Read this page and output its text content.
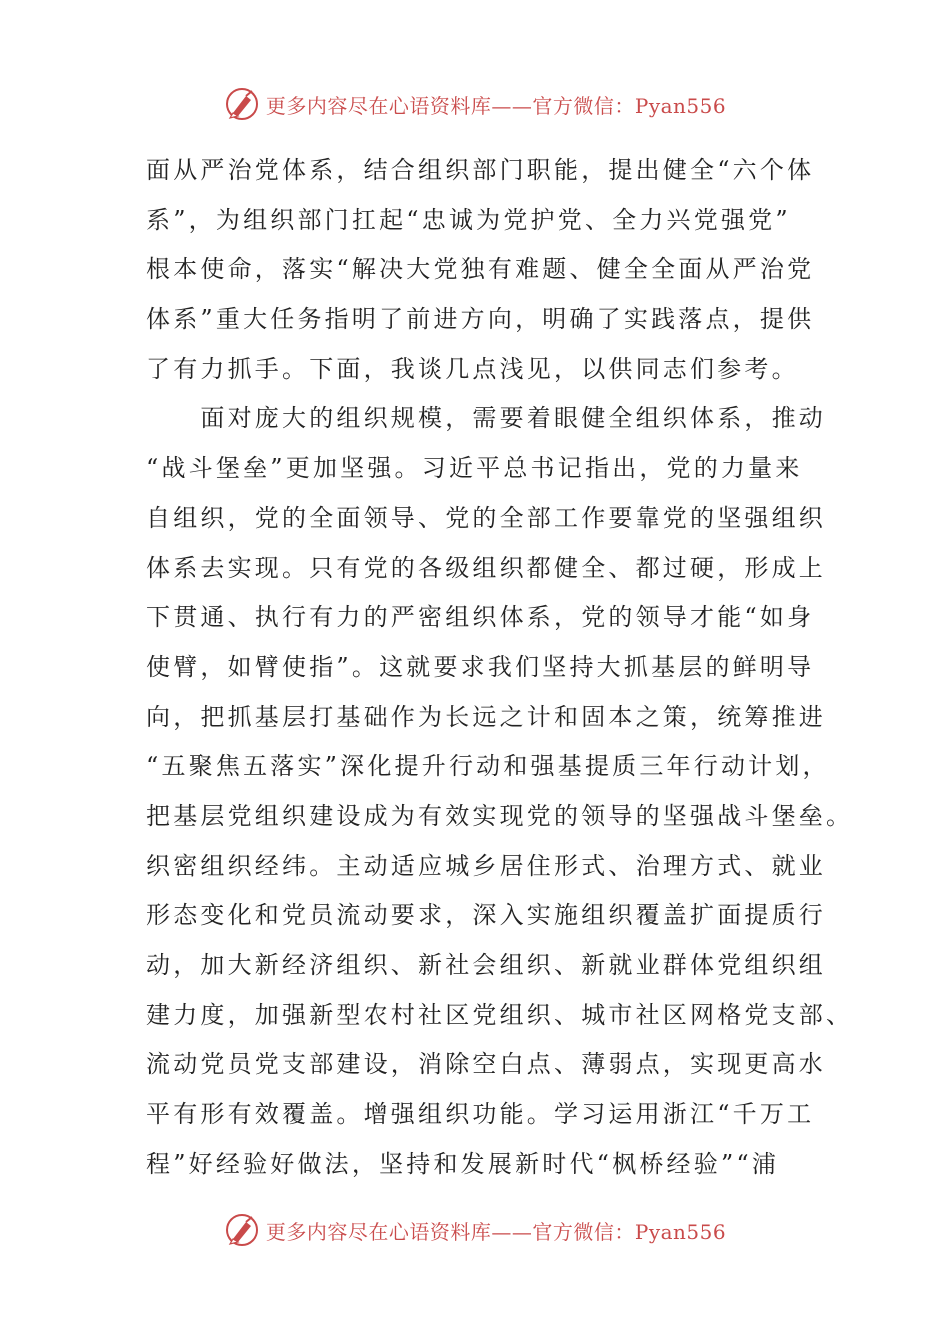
更多内容尽在心语资料库——官方微信：Pyan556
面从严治党体系，结合组织部门职能，提出健全“六个体
系”，为组织部门扛起“忠诚为党护党、全力兴党强党”
根本使命，落实“解决大党独有难题、健全全面从严治党
体系”重大任务指明了前进方向，明确了实践落点，提供
了有力抓手。下面，我谈几点浅见，以供同志们参考。
　　面对庞大的组织规模，需要着眼健全组织体系，推动
“战斗堡垒”更加坚强。习近平总书记指出，党的力量来
自组织，党的全面领导、党的全部工作要靠党的坚强组织
体系去实现。只有党的各级组织都健全、都过硬，形成上
下贯通、执行有力的严密组织体系，党的领导才能“如身
使臂，如臂使指”。这就要求我们坚持大抓基层的鲜明导
向，把抓基层打基础作为长远之计和固本之策，统筹推进
“五聚焦五落实”深化提升行动和强基提质三年行动计划，
把基层党组织建设成为有效实现党的领导的坚强战斗堡垒。
织密组织经纬。主动适应城乡居住形式、治理方式、就业
形态变化和党员流动要求，深入实施组织覆盖扩面提质行
动，加大新经济组织、新社会组织、新就业群体党组织组
建力度，加强新型农村社区党组织、城市社区网格党支部、
流动党员党支部建设，消除空白点、薄弱点，实现更高水
平有形有效覆盖。增强组织功能。学习运用浙江“千万工
程”好经验好做法，坚持和发展新时代“枫桥经验”“浦
更多内容尽在心语资料库——官方微信：Pyan556
